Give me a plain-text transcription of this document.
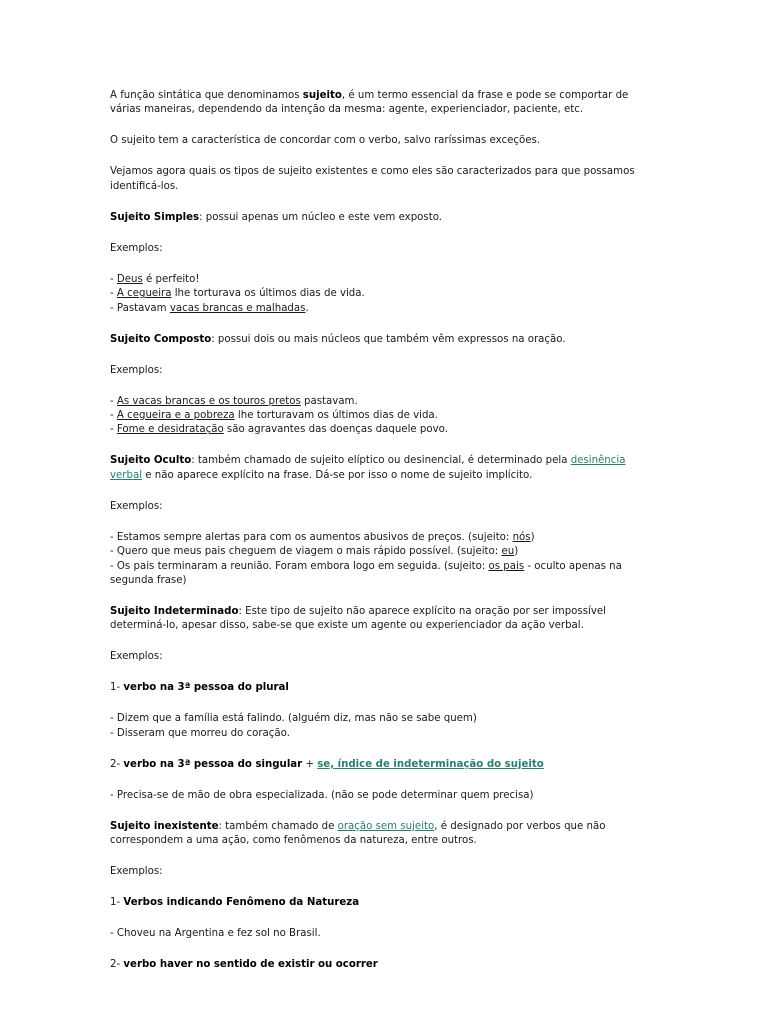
A função sintática que denominamos sujeito, é um termo essencial da frase e pode se comportar de várias maneiras, dependendo da intenção da mesma: agente, experienciador, paciente, etc.

O sujeito tem a característica de concordar com o verbo, salvo raríssimas exceções.

Vejamos agora quais os tipos de sujeito existentes e como eles são caracterizados para que possamos identificá-los.

Sujeito Simples: possui apenas um núcleo e este vem exposto.

Exemplos:

- Deus é perfeito!

- A cegueira lhe torturava os últimos dias de vida.

- Pastavam vacas brancas e malhadas.

Sujeito Composto: possui dois ou mais núcleos que também vêm expressos na oração.

Exemplos:

- As vacas brancas e os touros pretos pastavam.

- A cegueira e a pobreza lhe torturavam os últimos dias de vida.

- Fome e desidratação são agravantes das doenças daquele povo.

Sujeito Oculto: também chamado de sujeito elíptico ou desinencial, é determinado pela desinência verbal e não aparece explícito na frase. Dá-se por isso o nome de sujeito implícito.

Exemplos:

- Estamos sempre alertas para com os aumentos abusivos de preços. (sujeito: nós)

- Quero que meus pais cheguem de viagem o mais rápido possível. (sujeito: eu)

- Os pais terminaram a reunião. Foram embora logo em seguida. (sujeito: os pais - oculto apenas na segunda frase)

Sujeito Indeterminado: Este tipo de sujeito não aparece explícito na oração por ser impossível determiná-lo, apesar disso, sabe-se que existe um agente ou experienciador da ação verbal.

Exemplos:

1- verbo na 3ª pessoa do plural

- Dizem que a família está falindo. (alguém diz, mas não se sabe quem)

- Disseram que morreu do coração.

2- verbo na 3ª pessoa do singular + se, índice de indeterminação do sujeito

- Precisa-se de mão de obra especializada. (não se pode determinar quem precisa)

Sujeito inexistente: também chamado de oração sem sujeito, é designado por verbos que não correspondem a uma ação, como fenômenos da natureza, entre outros.

Exemplos:

1- Verbos indicando Fenômeno da Natureza

- Choveu na Argentina e fez sol no Brasil.

2- verbo haver no sentido de existir ou ocorrer
